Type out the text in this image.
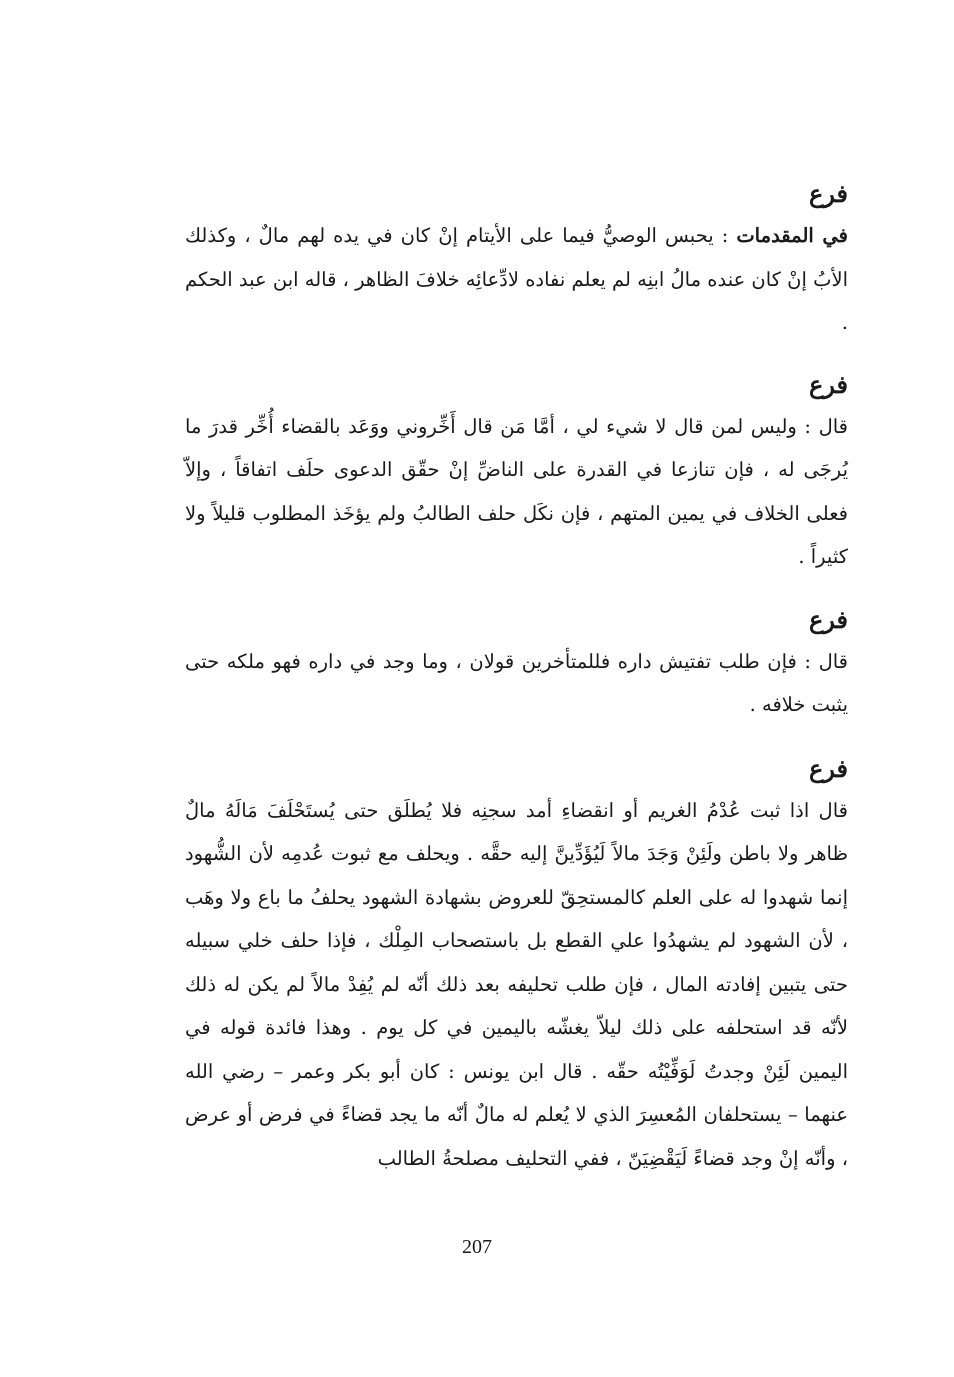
فرع

في المقدمات : يحبس الوصيُّ فيما على الأيتام إنْ كان في يده لهم مالٌ ، وكذلك الأبُ إنْ كان عنده مالُ ابنِه لم يعلم نفاده لادِّعائِه خلافَ الظاهر ، قاله ابن عبد الحكم .

فرع

قال : وليس لمن قال لا شيء لي ، أمَّا مَن قال أَخِّروني ووَعَد بالقضاء أُخِّر قدرَ ما يُرجَى له ، فإن تنازعا في القدرة على الناضِّ إنْ حقّق الدعوى حلَف اتفاقاً ، وإلاّ فعلى الخلاف في يمين المتهم ، فإن نكَل حلف الطالبُ ولم يؤخَذ المطلوب قليلاً ولا كثيراً .

فرع

قال : فإن طلب تفتيش داره فللمتأخرين قولان ، وما وجد في داره فهو ملكه حتى يثبت خلافه .

فرع

قال اذا ثبت عُدْمُ الغريم أو انقضاءِ أمد سجنِه فلا يُطلَق حتى يُستَحْلَفَ مَالَهُ مالٌ ظاهر ولا باطن ولَئِنْ وَجَدَ مالاً لَيُؤَدِّينَّ إليه حقَّه . ويحلف مع ثبوت عُدمِه لأن الشُّهود إنما شهدوا له على العلم كالمستحِقّ للعروض بشهادة الشهود يحلفُ ما باع ولا وهَب ، لأن الشهود لم يشهدُوا علي القطع بل باستصحاب المِلْك ، فإذا حلف خلي سبيله حتى يتبين إفادته المال ، فإن طلب تحليفه بعد ذلك أنّه لم يُفِدْ مالاً لم يكن له ذلك لأنّه قد استحلفه على ذلك ليلاّ يغشّه باليمين في كل يوم . وهذا فائدة قوله في اليمين لَئِنْ وجدتُ لَوَفِّيْتُه حقّه . قال ابن يونس : كان أبو بكر وعمر – رضي الله عنهما – يستحلفان المُعسِرَ الذي لا يُعلم له مالٌ أنّه ما يجد قضاءً في فرض أو عرض ، وأنّه إنْ وجد قضاءً لَيَقْضِيَنّ ، ففي التحليف مصلحةُ الطالب

207
